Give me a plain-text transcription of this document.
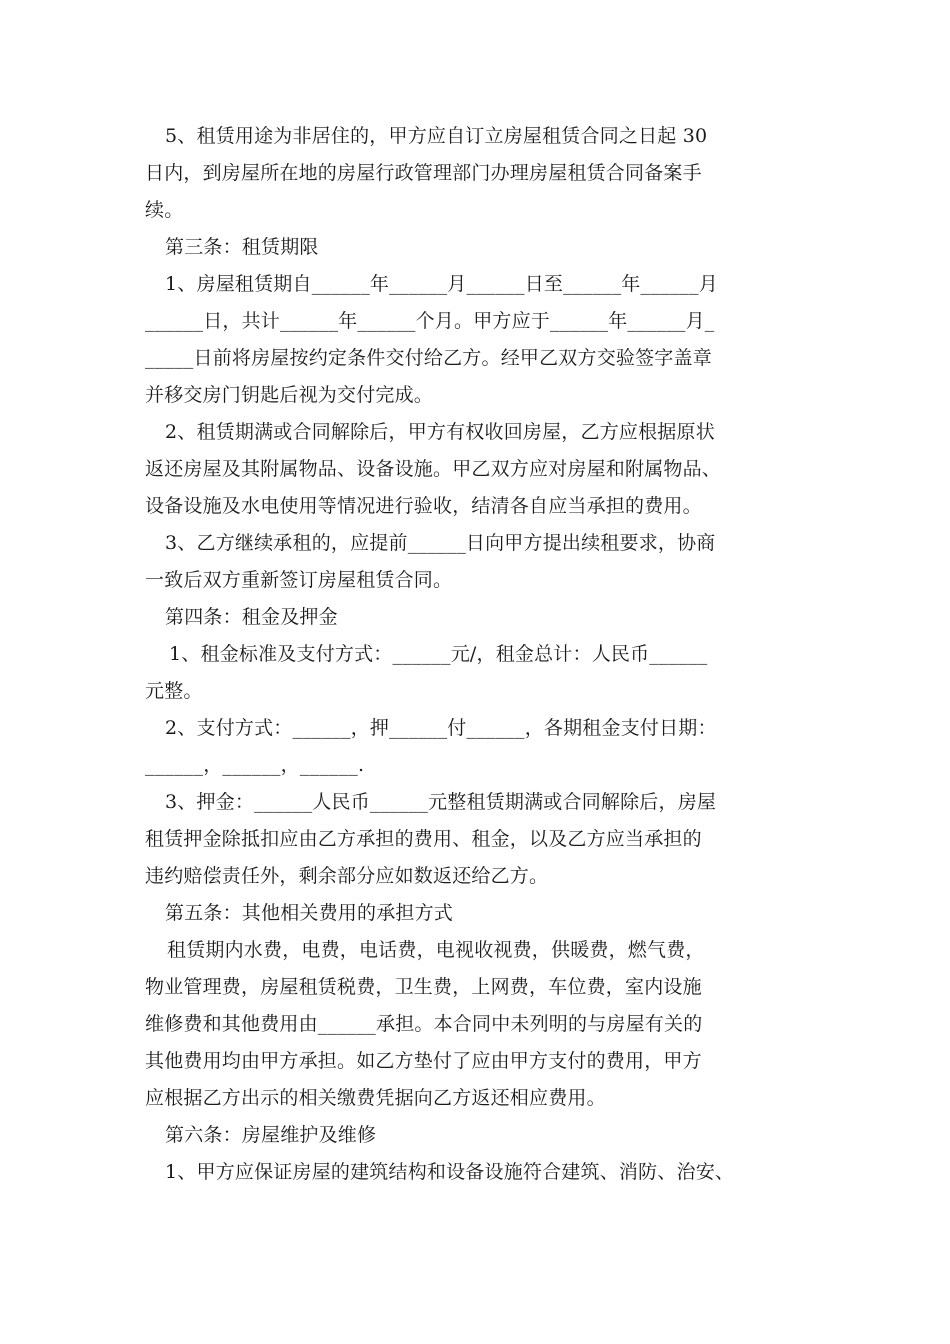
5、租赁用途为非居住的，甲方应自订立房屋租赁合同之日起 30
日内，到房屋所在地的房屋行政管理部门办理房屋租赁合同备案手
续。
第三条：租赁期限
1、房屋租赁期自______年______月______日至______年______月
______日，共计______年______个月。甲方应于______年______月_
_____日前将房屋按约定条件交付给乙方。经甲乙双方交验签字盖章
并移交房门钥匙后视为交付完成。
2、租赁期满或合同解除后，甲方有权收回房屋，乙方应根据原状
返还房屋及其附属物品、设备设施。甲乙双方应对房屋和附属物品、
设备设施及水电使用等情况进行验收，结清各自应当承担的费用。
3、乙方继续承租的，应提前______日向甲方提出续租要求，协商
一致后双方重新签订房屋租赁合同。
第四条：租金及押金
1、租金标准及支付方式：______元/，租金总计：人民币______
元整。
2、支付方式：______，押______付______，各期租金支付日期：
______，______，______.
3、押金：______人民币______元整租赁期满或合同解除后，房屋
租赁押金除抵扣应由乙方承担的费用、租金，以及乙方应当承担的
违约赔偿责任外，剩余部分应如数返还给乙方。
第五条：其他相关费用的承担方式
租赁期内水费，电费，电话费，电视收视费，供暖费，燃气费，
物业管理费，房屋租赁税费，卫生费，上网费，车位费，室内设施
维修费和其他费用由______承担。本合同中未列明的与房屋有关的
其他费用均由甲方承担。如乙方垫付了应由甲方支付的费用，甲方
应根据乙方出示的相关缴费凭据向乙方返还相应费用。
第六条：房屋维护及维修
1、甲方应保证房屋的建筑结构和设备设施符合建筑、消防、治安、
